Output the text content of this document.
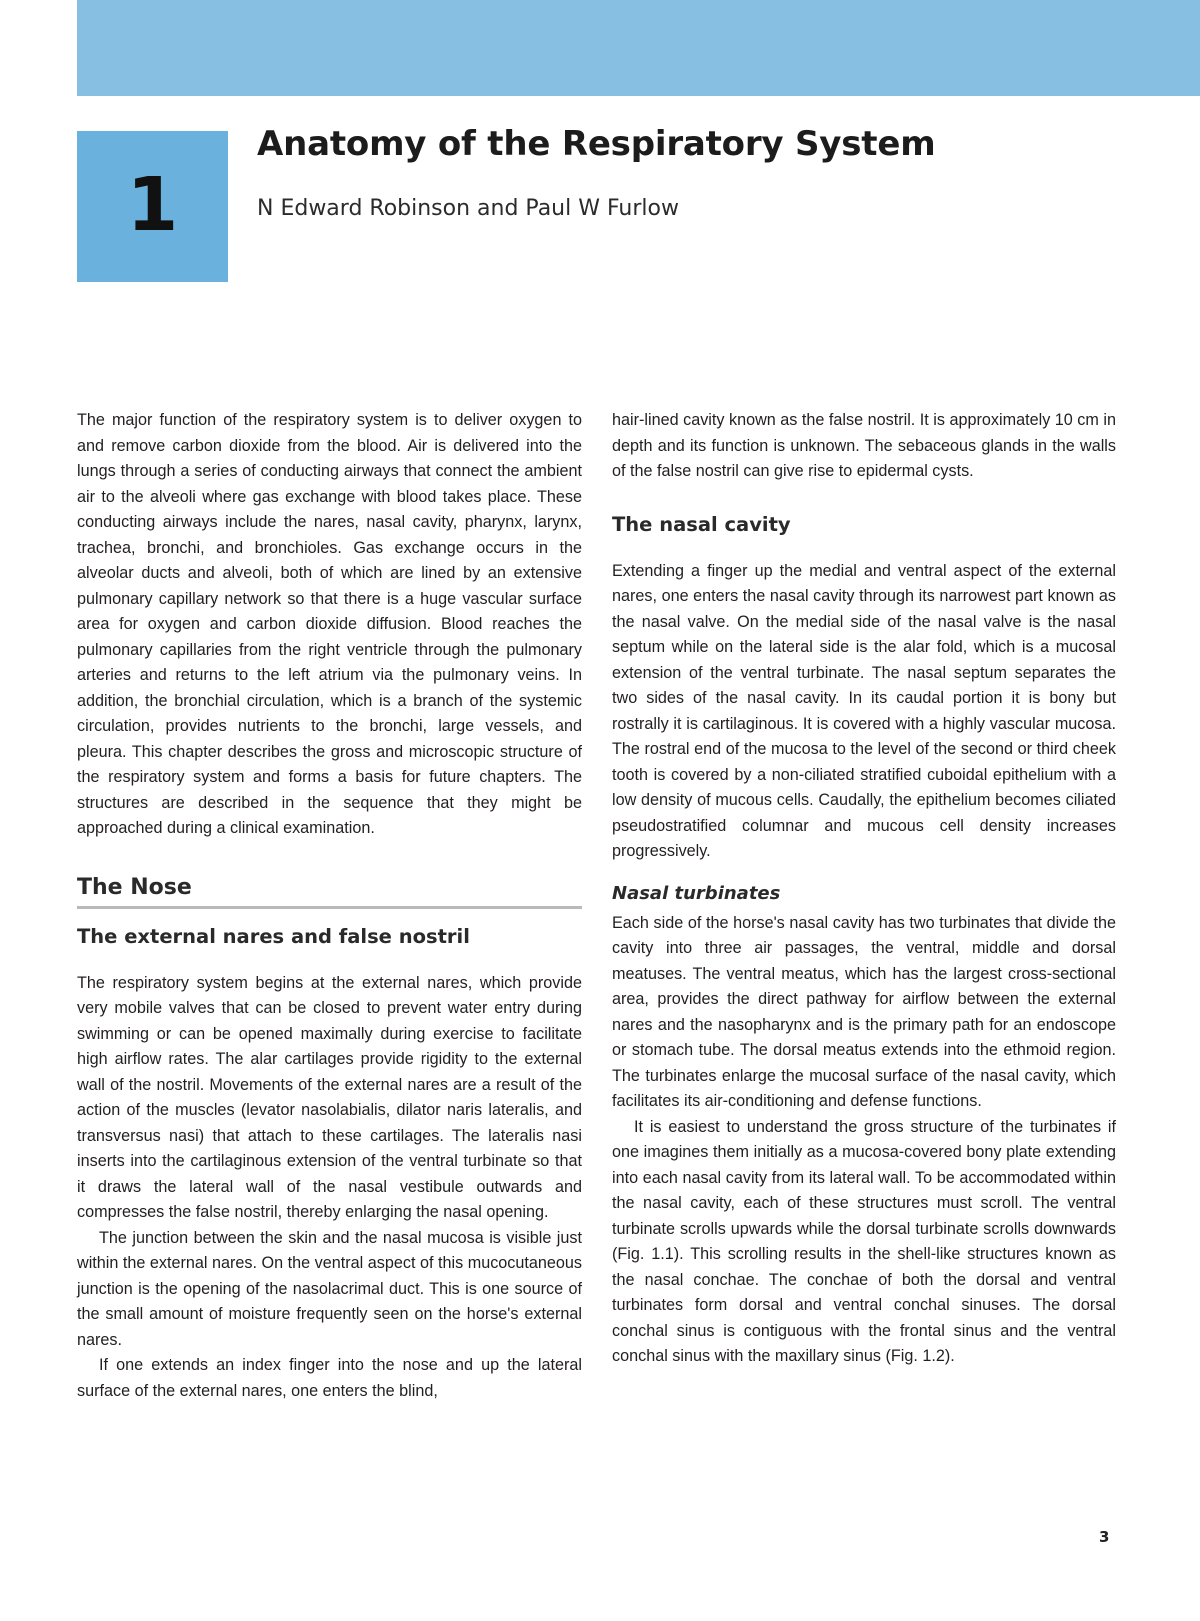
1
Anatomy of the Respiratory System

N Edward Robinson and Paul W Furlow

The major function of the respiratory system is to deliver oxygen to and remove carbon dioxide from the blood. Air is delivered into the lungs through a series of conducting airways that connect the ambient air to the alveoli where gas exchange with blood takes place. These conducting airways include the nares, nasal cavity, pharynx, larynx, trachea, bronchi, and bronchioles. Gas exchange occurs in the alveolar ducts and alveoli, both of which are lined by an extensive pulmonary capillary network so that there is a huge vascular surface area for oxygen and carbon dioxide diffusion. Blood reaches the pulmonary capillaries from the right ventricle through the pulmonary arteries and returns to the left atrium via the pulmonary veins. In addition, the bronchial circulation, which is a branch of the systemic circulation, provides nutrients to the bronchi, large vessels, and pleura. This chapter describes the gross and microscopic structure of the respiratory system and forms a basis for future chapters. The structures are described in the sequence that they might be approached during a clinical examination.

The Nose
The external nares and false nostril

The respiratory system begins at the external nares, which provide very mobile valves that can be closed to prevent water entry during swimming or can be opened maximally during exercise to facilitate high airflow rates. The alar cartilages provide rigidity to the external wall of the nostril. Movements of the external nares are a result of the action of the muscles (levator nasolabialis, dilator naris lateralis, and transversus nasi) that attach to these cartilages. The lateralis nasi inserts into the cartilaginous extension of the ventral turbinate so that it draws the lateral wall of the nasal vestibule outwards and compresses the false nostril, thereby enlarging the nasal opening.

The junction between the skin and the nasal mucosa is visible just within the external nares. On the ventral aspect of this mucocutaneous junction is the opening of the nasolacrimal duct. This is one source of the small amount of moisture frequently seen on the horse's external nares.

If one extends an index finger into the nose and up the lateral surface of the external nares, one enters the blind,

hair-lined cavity known as the false nostril. It is approximately 10 cm in depth and its function is unknown. The sebaceous glands in the walls of the false nostril can give rise to epidermal cysts.

The nasal cavity

Extending a finger up the medial and ventral aspect of the external nares, one enters the nasal cavity through its narrowest part known as the nasal valve. On the medial side of the nasal valve is the nasal septum while on the lateral side is the alar fold, which is a mucosal extension of the ventral turbinate. The nasal septum separates the two sides of the nasal cavity. In its caudal portion it is bony but rostrally it is cartilaginous. It is covered with a highly vascular mucosa. The rostral end of the mucosa to the level of the second or third cheek tooth is covered by a non-ciliated stratified cuboidal epithelium with a low density of mucous cells. Caudally, the epithelium becomes ciliated pseudostratified columnar and mucous cell density increases progressively.

Nasal turbinates

Each side of the horse's nasal cavity has two turbinates that divide the cavity into three air passages, the ventral, middle and dorsal meatuses. The ventral meatus, which has the largest cross-sectional area, provides the direct pathway for airflow between the external nares and the nasopharynx and is the primary path for an endoscope or stomach tube. The dorsal meatus extends into the ethmoid region. The turbinates enlarge the mucosal surface of the nasal cavity, which facilitates its air-conditioning and defense functions.

It is easiest to understand the gross structure of the turbinates if one imagines them initially as a mucosa-covered bony plate extending into each nasal cavity from its lateral wall. To be accommodated within the nasal cavity, each of these structures must scroll. The ventral turbinate scrolls upwards while the dorsal turbinate scrolls downwards (Fig. 1.1). This scrolling results in the shell-like structures known as the nasal conchae. The conchae of both the dorsal and ventral turbinates form dorsal and ventral conchal sinuses. The dorsal conchal sinus is contiguous with the frontal sinus and the ventral conchal sinus with the maxillary sinus (Fig. 1.2).

3
